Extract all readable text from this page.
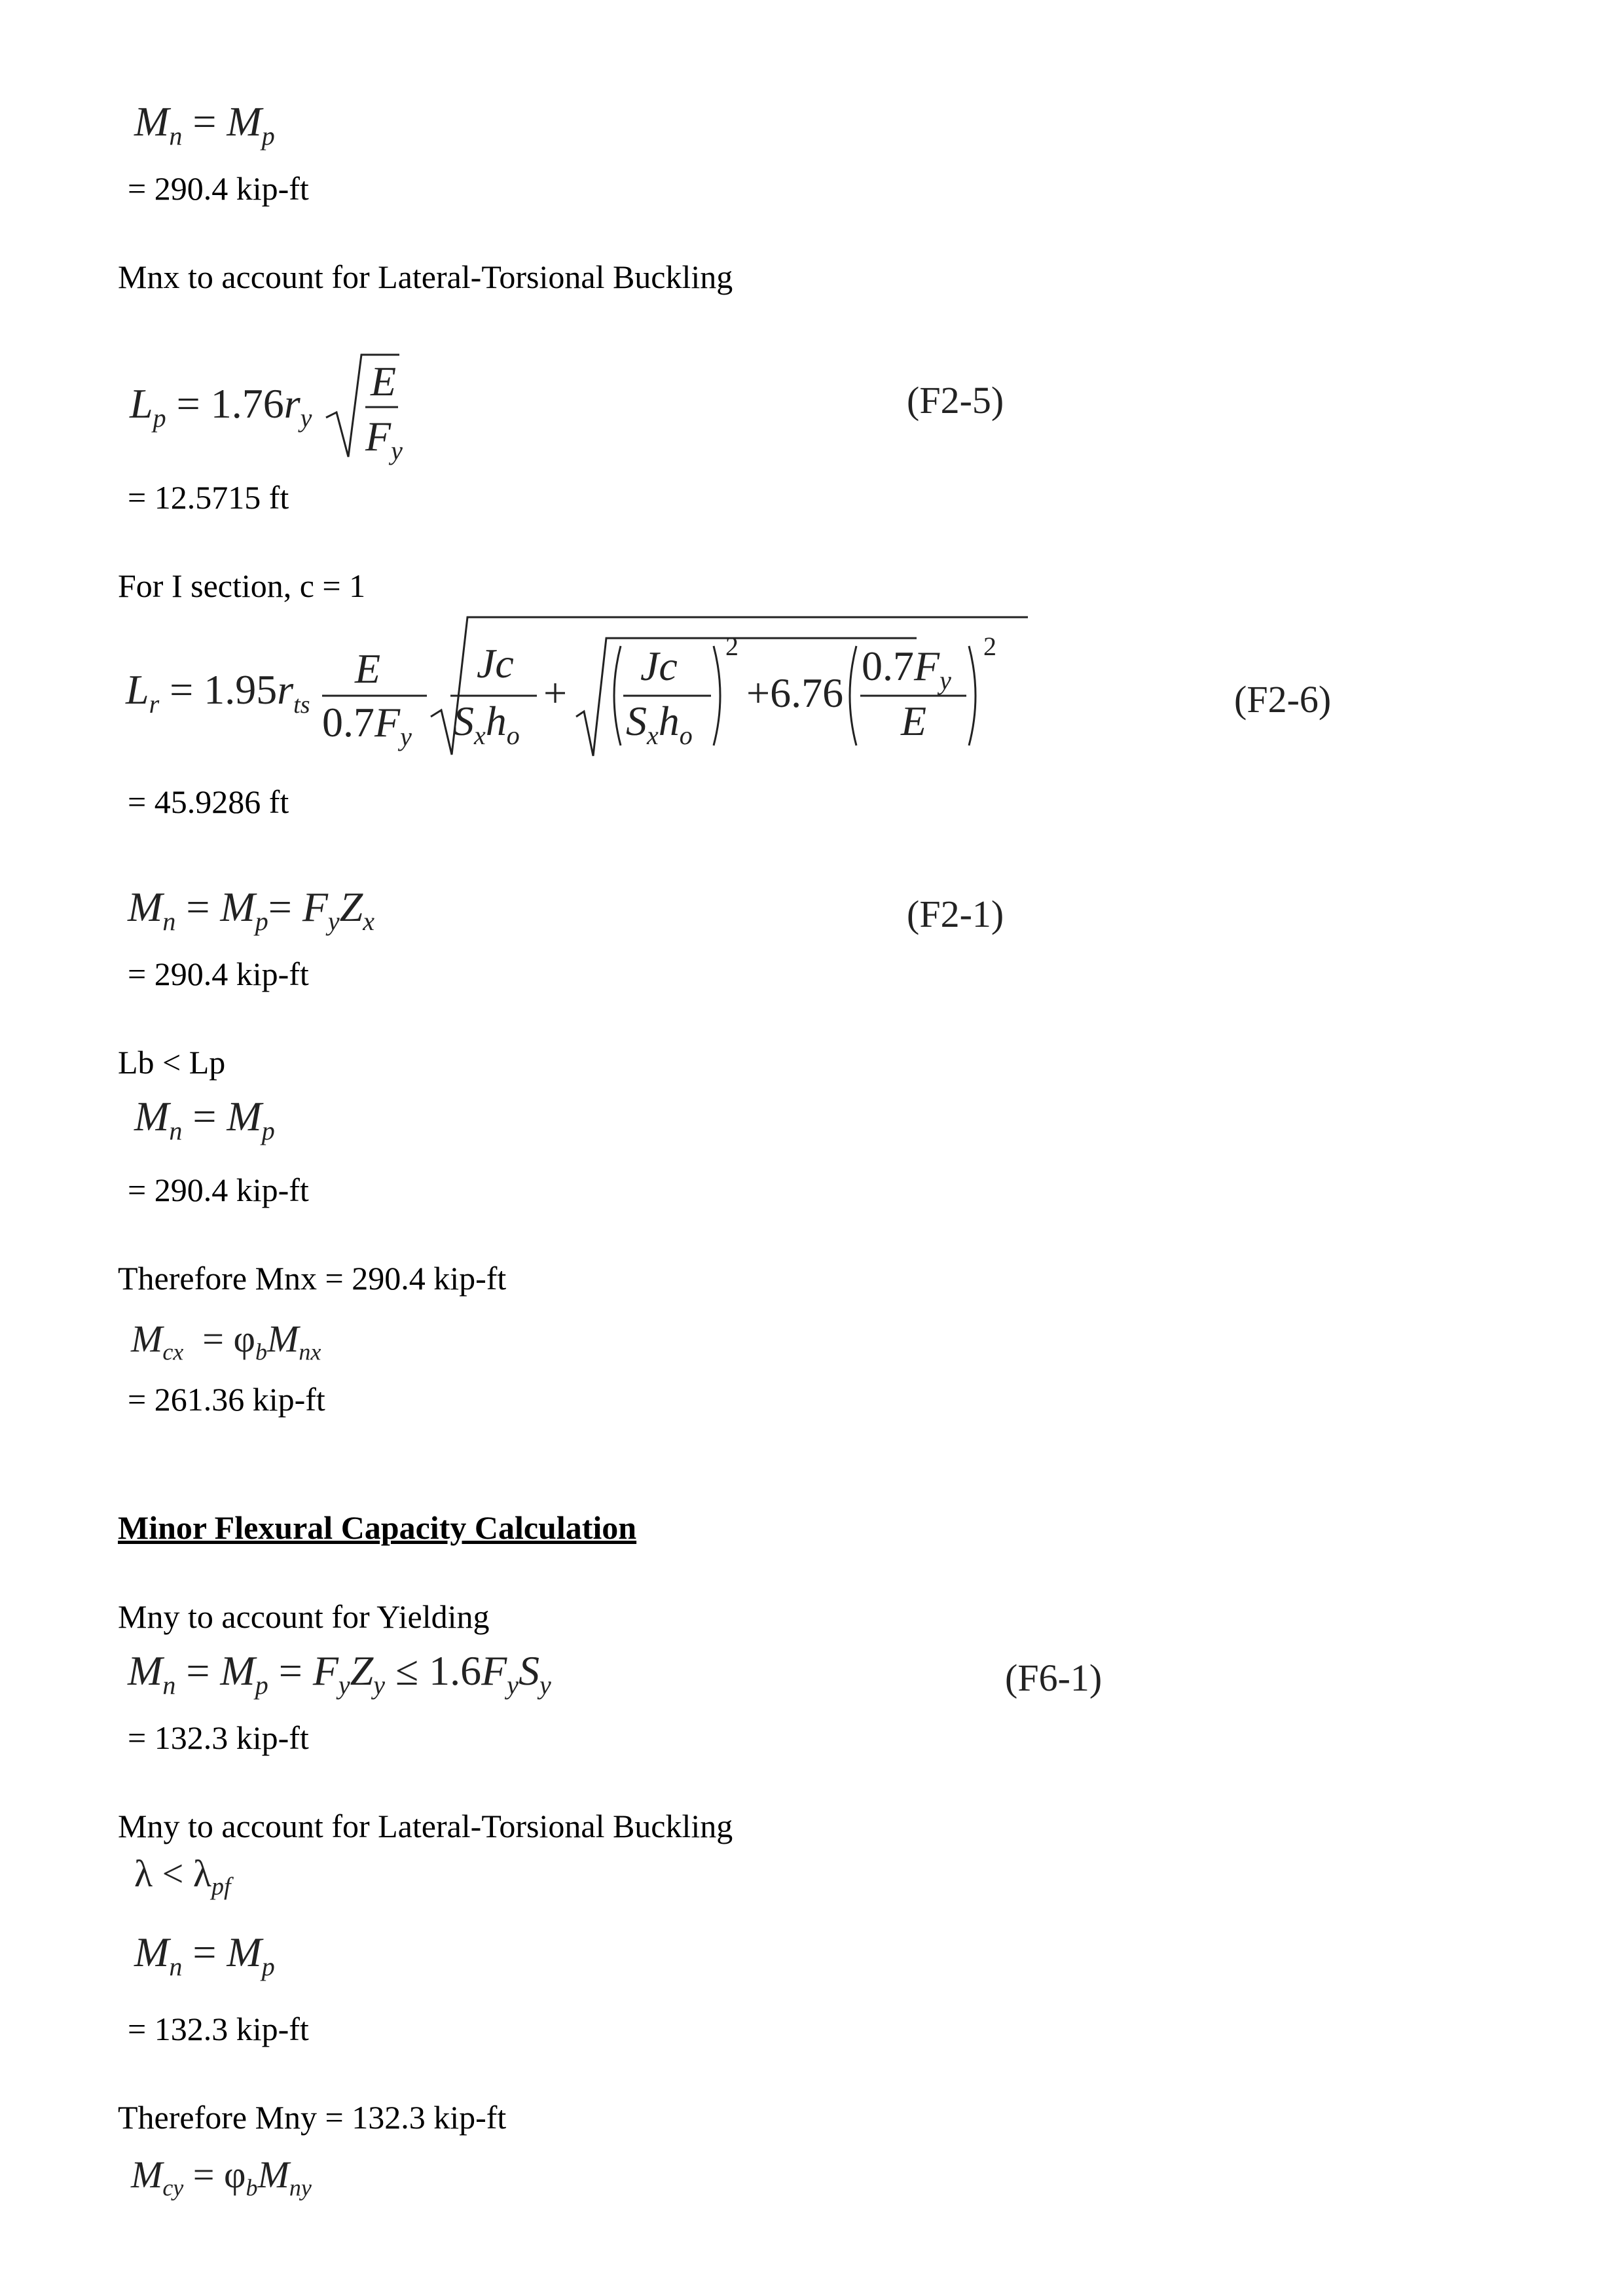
$M_n = M_p$
= 290.4 kip-ft
Mnx to account for Lateral-Torsional Buckling
$L_p = 1.76r_y$
E
$F_y$
(F2-5)
= 12.5715 ft
For I section, c = 1
$L_r = 1.95r_{ts}$
E
$0.7F_y$
Jc
$S_xh_o$
+
Jc
$S_xh_o$
2
+6.76
$0.7F_y$
E
2
(F2-6)
= 45.9286 ft
$M_n = M_p= F_yZ_x$	(F2-1)
= 290.4 kip-ft
Lb < Lp
$M_n = M_p$
= 290.4 kip-ft
Therefore Mnx = 290.4 kip-ft
$M_{cx} = \varphi_bM_{nx}$
= 261.36 kip-ft
Minor Flexural Capacity Calculation
Mny to account for Yielding
$M_n = M_p = F_yZ_y \le 1.6F_yS_y$	(F6-1)
= 132.3 kip-ft
Mny to account for Lateral-Torsional Buckling
$\lambda < \lambda_{pf}$
$M_n = M_p$
= 132.3 kip-ft
Therefore Mny = 132.3 kip-ft
$M_{cy} = \varphi_bM_{ny}$
